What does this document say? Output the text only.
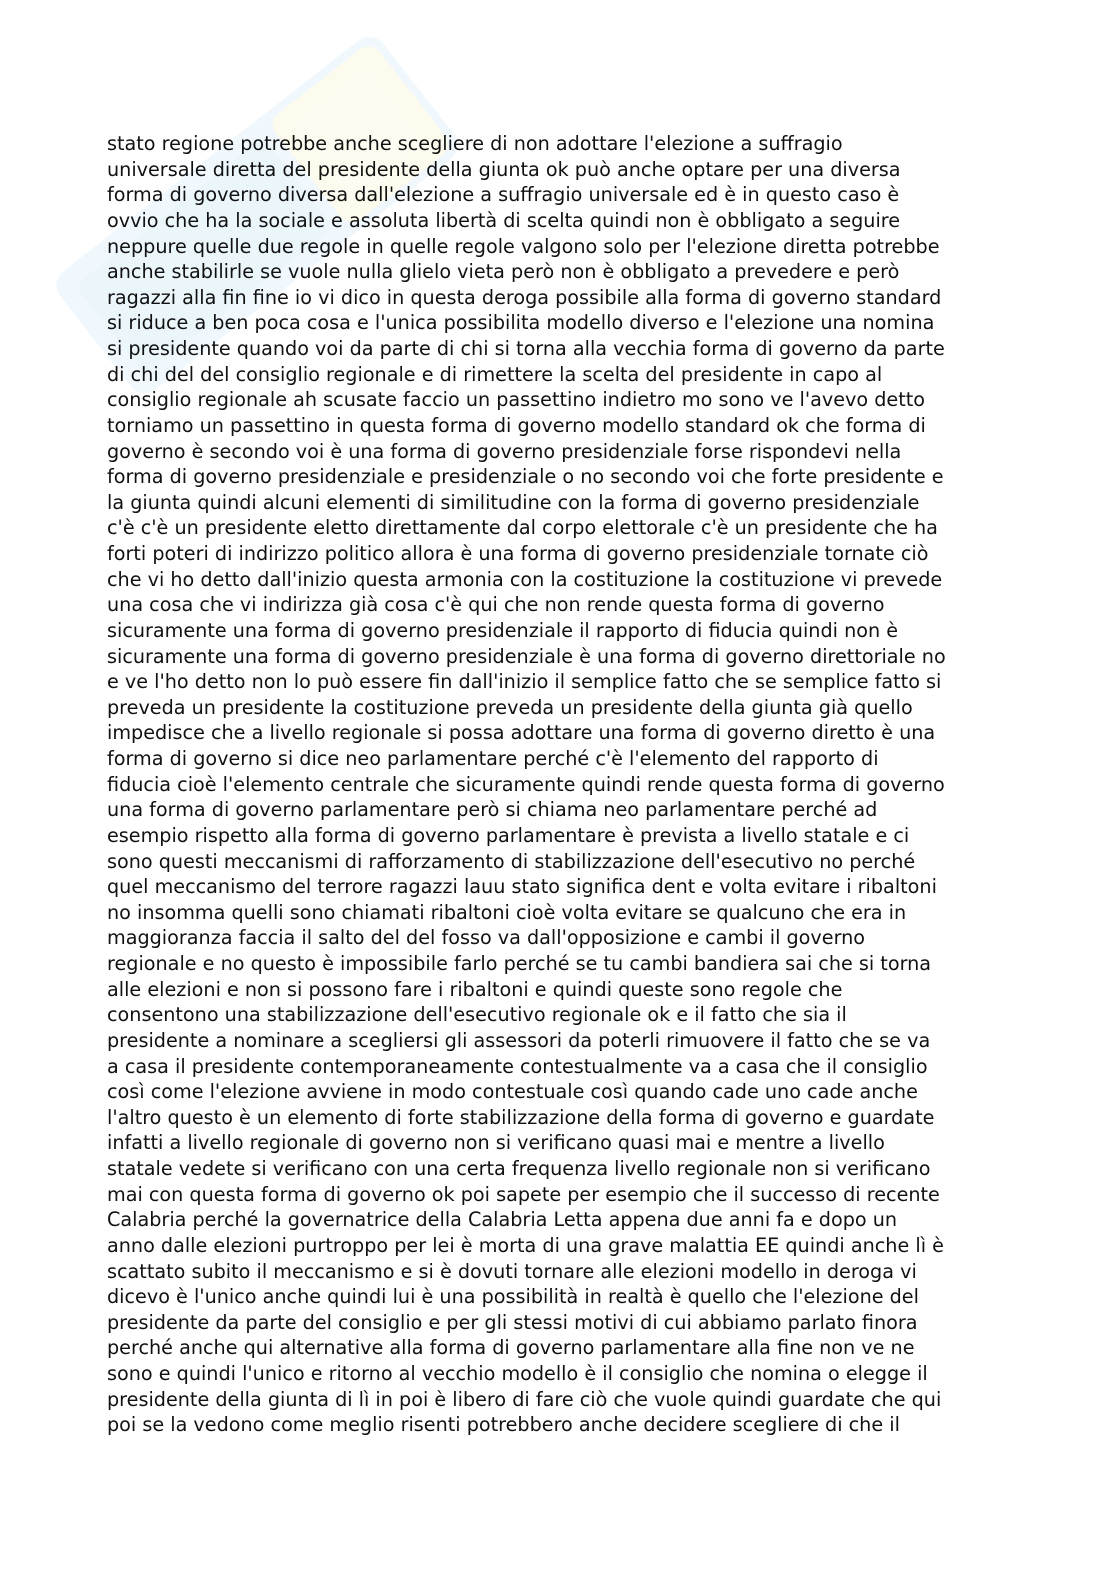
stato regione potrebbe anche scegliere di non adottare l'elezione a suffragio
universale diretta del presidente della giunta ok può anche optare per una diversa
forma di governo diversa dall'elezione a suffragio universale ed è in questo caso è
ovvio che ha la sociale e assoluta libertà di scelta quindi non è obbligato a seguire
neppure quelle due regole in quelle regole valgono solo per l'elezione diretta potrebbe
anche stabilirle se vuole nulla glielo vieta però non è obbligato a prevedere e però
ragazzi alla fin fine io vi dico in questa deroga possibile alla forma di governo standard
si riduce a ben poca cosa e l'unica possibilita modello diverso e l'elezione una nomina
si presidente quando voi da parte di chi si torna alla vecchia forma di governo da parte
di chi del del consiglio regionale e di rimettere la scelta del presidente in capo al
consiglio regionale ah scusate faccio un passettino indietro mo sono ve l'avevo detto
torniamo un passettino in questa forma di governo modello standard ok che forma di
governo è secondo voi è una forma di governo presidenziale forse rispondevi nella
forma di governo presidenziale e presidenziale o no secondo voi che forte presidente e
la giunta quindi alcuni elementi di similitudine con la forma di governo presidenziale
c'è c'è un presidente eletto direttamente dal corpo elettorale c'è un presidente che ha
forti poteri di indirizzo politico allora è una forma di governo presidenziale tornate ciò
che vi ho detto dall'inizio questa armonia con la costituzione la costituzione vi prevede
una cosa che vi indirizza già cosa c'è qui che non rende questa forma di governo
sicuramente una forma di governo presidenziale il rapporto di fiducia quindi non è
sicuramente una forma di governo presidenziale è una forma di governo direttoriale no
e ve l'ho detto non lo può essere fin dall'inizio il semplice fatto che se semplice fatto si
preveda un presidente la costituzione preveda un presidente della giunta già quello
impedisce che a livello regionale si possa adottare una forma di governo diretto è una
forma di governo si dice neo parlamentare perché c'è l'elemento del rapporto di
fiducia cioè l'elemento centrale che sicuramente quindi rende questa forma di governo
una forma di governo parlamentare però si chiama neo parlamentare perché ad
esempio rispetto alla forma di governo parlamentare è prevista a livello statale e ci
sono questi meccanismi di rafforzamento di stabilizzazione dell'esecutivo no perché
quel meccanismo del terrore ragazzi lauu stato significa dent e volta evitare i ribaltoni
no insomma quelli sono chiamati ribaltoni cioè volta evitare se qualcuno che era in
maggioranza faccia il salto del del fosso va dall'opposizione e cambi il governo
regionale e no questo è impossibile farlo perché se tu cambi bandiera sai che si torna
alle elezioni e non si possono fare i ribaltoni e quindi queste sono regole che
consentono una stabilizzazione dell'esecutivo regionale ok e il fatto che sia il
presidente a nominare a scegliersi gli assessori da poterli rimuovere il fatto che se va
a casa il presidente contemporaneamente contestualmente va a casa che il consiglio
così come l'elezione avviene in modo contestuale così quando cade uno cade anche
l'altro questo è un elemento di forte stabilizzazione della forma di governo e guardate
infatti a livello regionale di governo non si verificano quasi mai e mentre a livello
statale vedete si verificano con una certa frequenza livello regionale non si verificano
mai con questa forma di governo ok poi sapete per esempio che il successo di recente
Calabria perché la governatrice della Calabria Letta appena due anni fa e dopo un
anno dalle elezioni purtroppo per lei è morta di una grave malattia EE quindi anche lì è
scattato subito il meccanismo e si è dovuti tornare alle elezioni modello in deroga vi
dicevo è l'unico anche quindi lui è una possibilità in realtà è quello che l'elezione del
presidente da parte del consiglio e per gli stessi motivi di cui abbiamo parlato finora
perché anche qui alternative alla forma di governo parlamentare alla fine non ve ne
sono e quindi l'unico e ritorno al vecchio modello è il consiglio che nomina o elegge il
presidente della giunta di lì in poi è libero di fare ciò che vuole quindi guardate che qui
poi se la vedono come meglio risenti potrebbero anche decidere scegliere di che il
